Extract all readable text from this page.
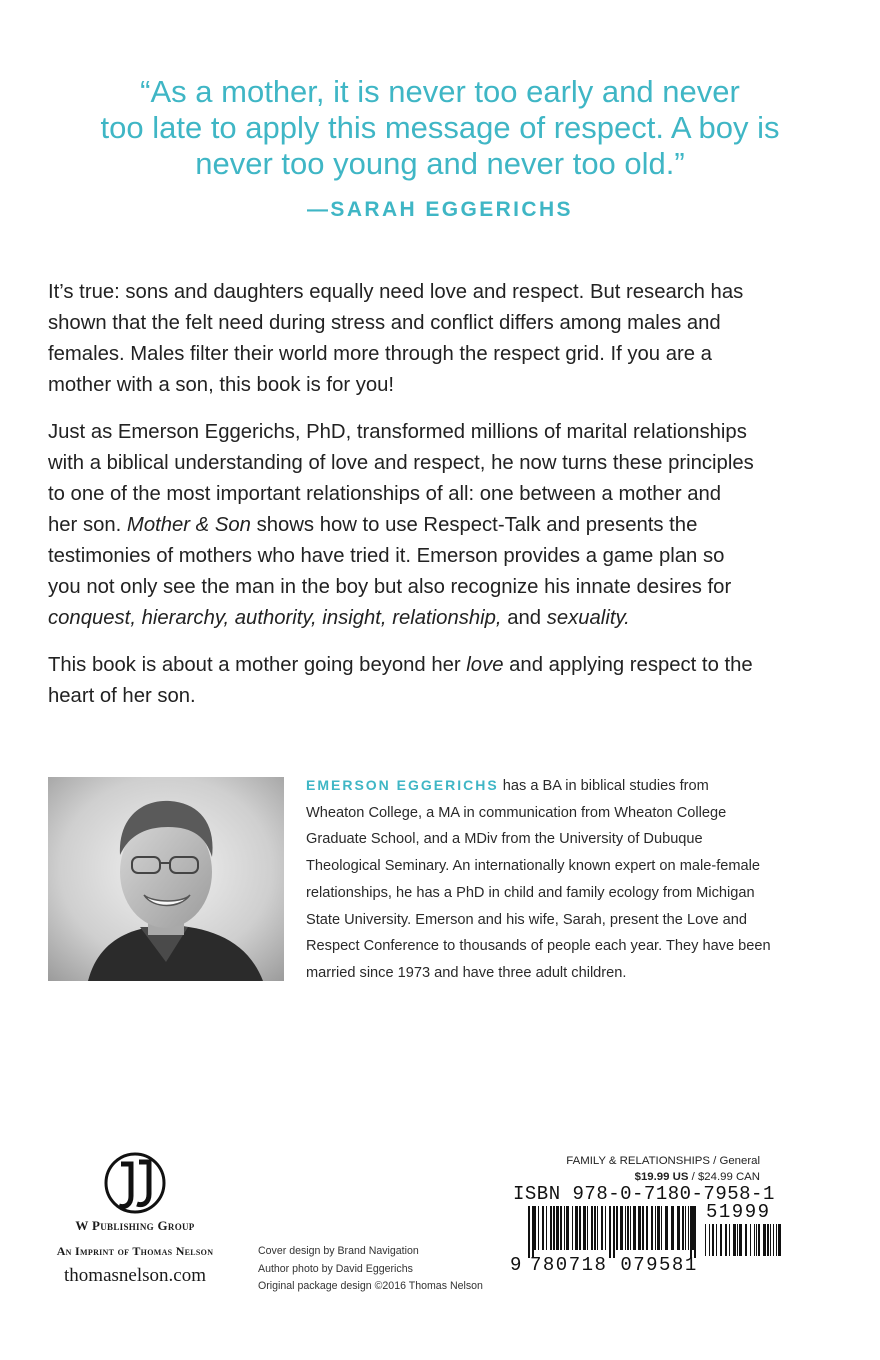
“As a mother, it is never too early and never
too late to apply this message of respect. A boy is
never too young and never too old.”
—SARAH EGGERICHS

It’s true: sons and daughters equally need love and respect. But research has
shown that the felt need during stress and conflict differs among males and
females. Males filter their world more through the respect grid. If you are a
mother with a son, this book is for you!

Just as Emerson Eggerichs, PhD, transformed millions of marital relationships
with a biblical understanding of love and respect, he now turns these principles
to one of the most important relationships of all: one between a mother and
her son. Mother & Son shows how to use Respect-Talk and presents the
testimonies of mothers who have tried it. Emerson provides a game plan so
you not only see the man in the boy but also recognize his innate desires for
conquest, hierarchy, authority, insight, relationship, and sexuality.

This book is about a mother going beyond her love and applying respect to the
heart of her son.

EMERSON EGGERICHS has a BA in biblical studies from
Wheaton College, a MA in communication from Wheaton College
Graduate School, and a MDiv from the University of Dubuque
Theological Seminary. An internationally known expert on male-female
relationships, he has a PhD in child and family ecology from Michigan
State University. Emerson and his wife, Sarah, present the Love and
Respect Conference to thousands of people each year. They have been
married since 1973 and have three adult children.
W Publishing Group
An Imprint of Thomas Nelson
thomasnelson.com
Cover design by Brand Navigation
Author photo by David Eggerichs
Original package design ©2016 Thomas Nelson
FAMILY & RELATIONSHIPS / General
$19.99 US / $24.99 CAN
ISBN 978-0-7180-7958-1
9 780718 079581
51999
